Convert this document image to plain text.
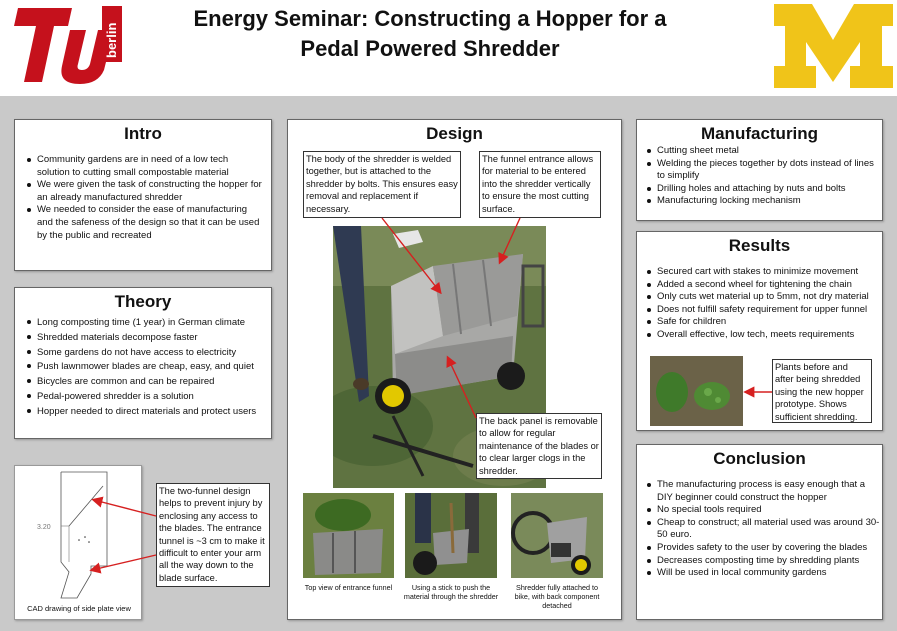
berlin
Energy Seminar: Constructing a Hopper for a
Pedal Powered Shredder
Intro
Community gardens are in need of a low tech solution to cutting small compostable material
We were given the task of constructing the hopper for an already manufactured shredder
We needed to consider the ease of manufacturing and the safeness of the design so that it can be used by the public and recreated
Theory
Long composting time (1 year) in German climate
Shredded materials decompose faster
Some gardens do not have access to electricity
Push lawnmower blades are cheap, easy, and quiet
Bicycles are common and can be repaired
Pedal-powered shredder is a solution
Hopper needed to direct materials and protect users
3.20
CAD drawing of side plate view
The two-funnel design helps to prevent injury by enclosing any access to the blades. The entrance tunnel is ~3 cm to make it difficult to enter your arm all the way down to the blade surface.
Design
The body of the shredder is welded together, but is attached to the shredder by bolts. This ensures easy removal and replacement if necessary.
The funnel entrance allows for material to be entered into the shredder vertically to ensure the most cutting surface.
The back panel is removable to allow for regular maintenance of the blades or to clear larger clogs in the shredder.
Top view of entrance funnel	Using a stick to push the material through the shredder
Shredder fully attached to bike, with back component detached
Manufacturing
Cutting sheet metal
Welding the pieces together by dots instead of lines to simplify
Drilling holes and attaching by nuts and bolts
Manufacturing locking mechanism
Results
Secured cart with stakes to minimize movement
Added a second wheel for tightening the chain
Only cuts wet material up to 5mm, not dry material
Does not fulfill safety requirement for upper funnel
Safe for children
Overall effective, low tech, meets requirements
Plants before and after being shredded using the new hopper prototype. Shows sufficient shredding.
Conclusion
The manufacturing process is easy enough that a DIY beginner could construct the hopper
No special tools required
Cheap to construct; all material used was around 30-50 euro.
Provides safety to the user by covering the blades
Decreases composting time by shredding plants
Will be used in local community gardens
